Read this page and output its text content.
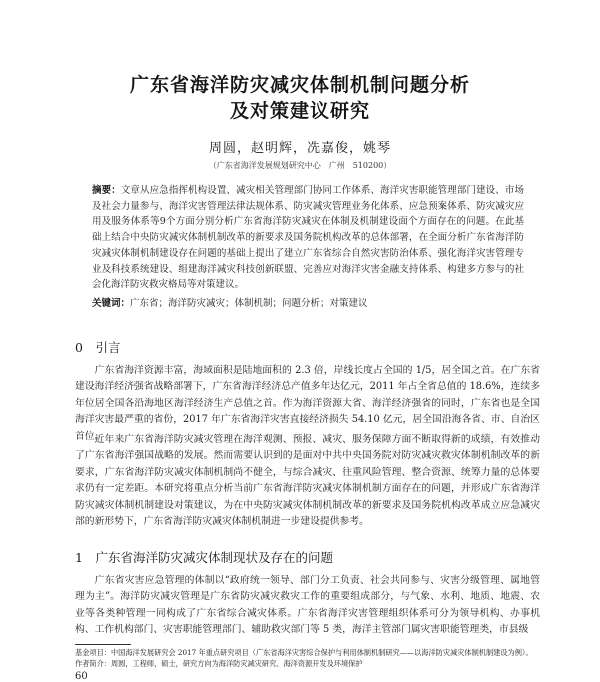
广东省海洋防灾减灾体制机制问题分析
及对策建议研究
周圆，赵明辉，冼嘉俊，姚琴
（广东省海洋发展规划研究中心　广州　510200）
摘要：文章从应急指挥机构设置、减灾相关管理部门协同工作体系、海洋灾害职能管理部门建设、市场及社会力量参与、海洋灾害管理法律法规体系、防灾减灾管理业务化体系、应急预案体系、防灾减灾应用及服务体系等9个方面分别分析广东省海洋防灾减灾在体制及机制建设面个方面存在的问题。在此基础上结合中央防灾减灾体制机制改革的新要求及国务院机构改革的总体部署，在全面分析广东省海洋防灾减灾体制机制建设存在问题的基础上提出了建立广东省综合自然灾害防治体系、强化海洋灾害管理专业及科技系统建设、组建海洋减灾科技创新联盟、完善应对海洋灾害金融支持体系、构建多方参与的社会化海洋防灾救灾格局等对策建议。
关键词：广东省；海洋防灾减灾；体制机制；问题分析；对策建议
0　引言
广东省海洋资源丰富，海域面积是陆地面积的 2.3 倍，岸线长度占全国的 1/5，居全国之首。在广东省建设海洋经济强省战略部署下，广东省海洋经济总产值多年达亿元，2011 年占全省总值的 18.6%，连续多年位居全国各沿海地区海洋经济生产总值之首。作为海洋资源大省、海洋经济强省的同时，广东省也是全国海洋灾害最严重的省份，2017 年广东省海洋灾害直接经济损失 54.10 亿元，居全国沿海各省、市、自治区首位。
近年来广东省海洋防灾减灾管理在海洋观测、预报、减灾、服务保障方面不断取得新的成绩，有效推动了广东省海洋强国战略的发展。然而需要认识到的是面对中共中央国务院对防灾减灾救灾体制机制改革的新要求，广东省海洋防灾减灾体制机制尚不健全，与综合减灾、往重风险管理、整合资源、统筹力量的总体要求仍有一定差距。本研究将重点分析当前广东省海洋防灾减灾体制机制方面存在的问题，并形成广东省海洋防灾减灾体制机制建设对策建议，为在中央防灾减灾体制机制改革的新要求及国务院机构改革成立应急减灾部的新形势下，广东省海洋防灾减灾体制机制进一步建设提供参考。
1　广东省海洋防灾减灾体制现状及存在的问题
广东省灾害应急管理的体制以“政府统一领导、部门分工负责、社会共同参与、灾害分级管理、属地管理为主”。海洋防灾减灾管理是广东省防灾减灾救灾工作的重要组成部分，与气象、水利、地质、地震、农业等各类种管理一同构成了广东省综合减灾体系。广东省海洋灾害管理组织体系可分为领导机构、办事机构、工作机构部门、灾害职能管理部门、辅助救灾部门等 5 类，海洋主管部门属灾害职能管理类，市县级
基金项目：中国海洋发展研究会 2017 年重点研究项目（广东省海洋灾害综合保护与利用体制机制研究——以海洋防灾减灾体制机制建设为例）。
作者简介：周圆，工程师，硕士，研究方向为海洋防灾减灾研究、海洋资源开发及环境保护
60
